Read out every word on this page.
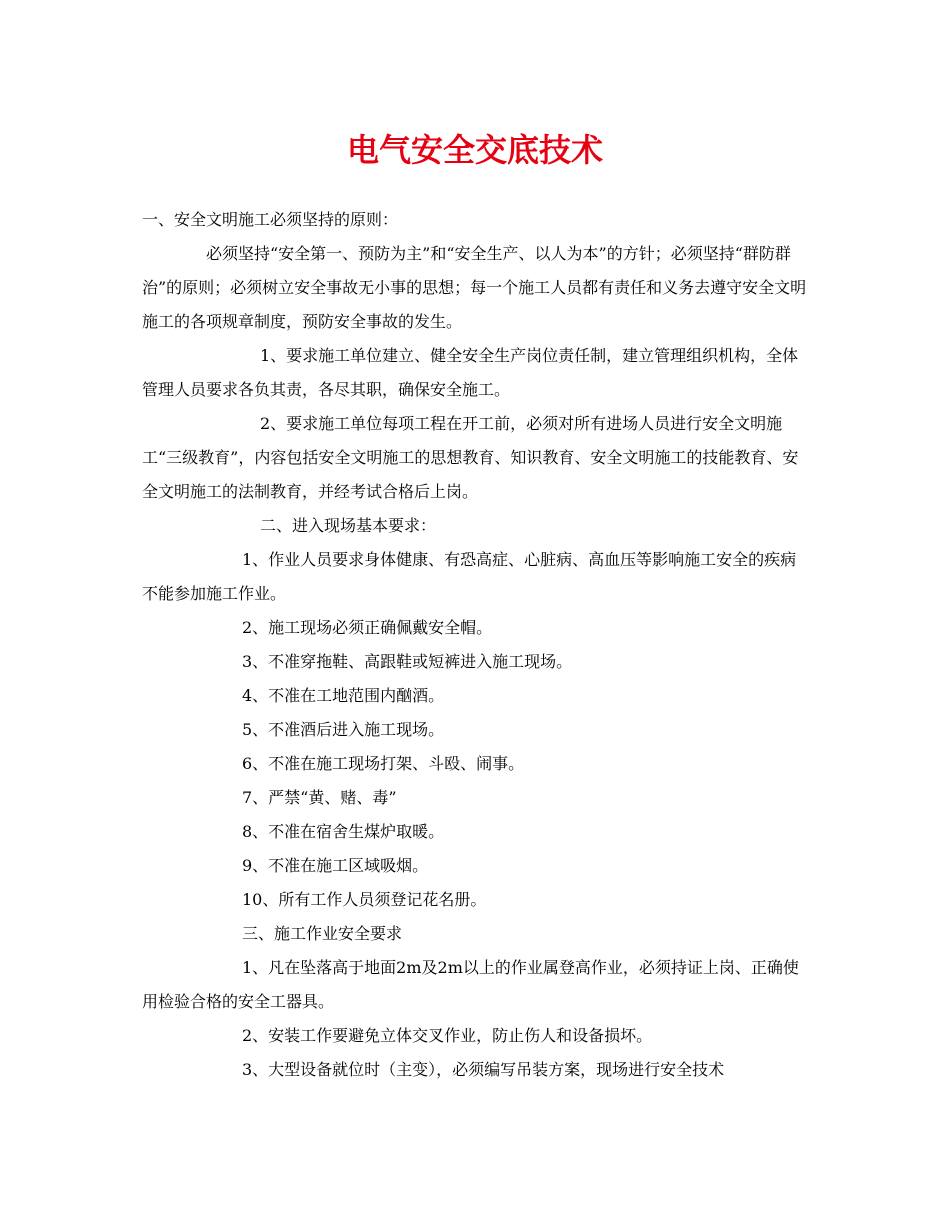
电气安全交底技术

一、安全文明施工必须坚持的原则：

必须坚持“安全第一、预防为主”和“安全生产、以人为本”的方针；必须坚持“群防群治”的原则；必须树立安全事故无小事的思想；每一个施工人员都有责任和义务去遵守安全文明施工的各项规章制度，预防安全事故的发生。

1、要求施工单位建立、健全安全生产岗位责任制，建立管理组织机构，全体管理人员要求各负其责，各尽其职，确保安全施工。

2、要求施工单位每项工程在开工前，必须对所有进场人员进行安全文明施工“三级教育”，内容包括安全文明施工的思想教育、知识教育、安全文明施工的技能教育、安全文明施工的法制教育，并经考试合格后上岗。

二、进入现场基本要求：

1、作业人员要求身体健康、有恐高症、心脏病、高血压等影响施工安全的疾病不能参加施工作业。

2、施工现场必须正确佩戴安全帽。

3、不准穿拖鞋、高跟鞋或短裤进入施工现场。

4、不准在工地范围内酗酒。

5、不准酒后进入施工现场。

6、不准在施工现场打架、斗殴、闹事。

7、严禁“黄、赌、毒”

8、不准在宿舍生煤炉取暖。

9、不准在施工区域吸烟。

10、所有工作人员须登记花名册。

三、施工作业安全要求

1、凡在坠落高于地面2m及2m以上的作业属登高作业，必须持证上岗、正确使用检验合格的安全工器具。

2、安装工作要避免立体交叉作业，防止伤人和设备损坏。

3、大型设备就位时（主变），必须编写吊装方案，现场进行安全技术
